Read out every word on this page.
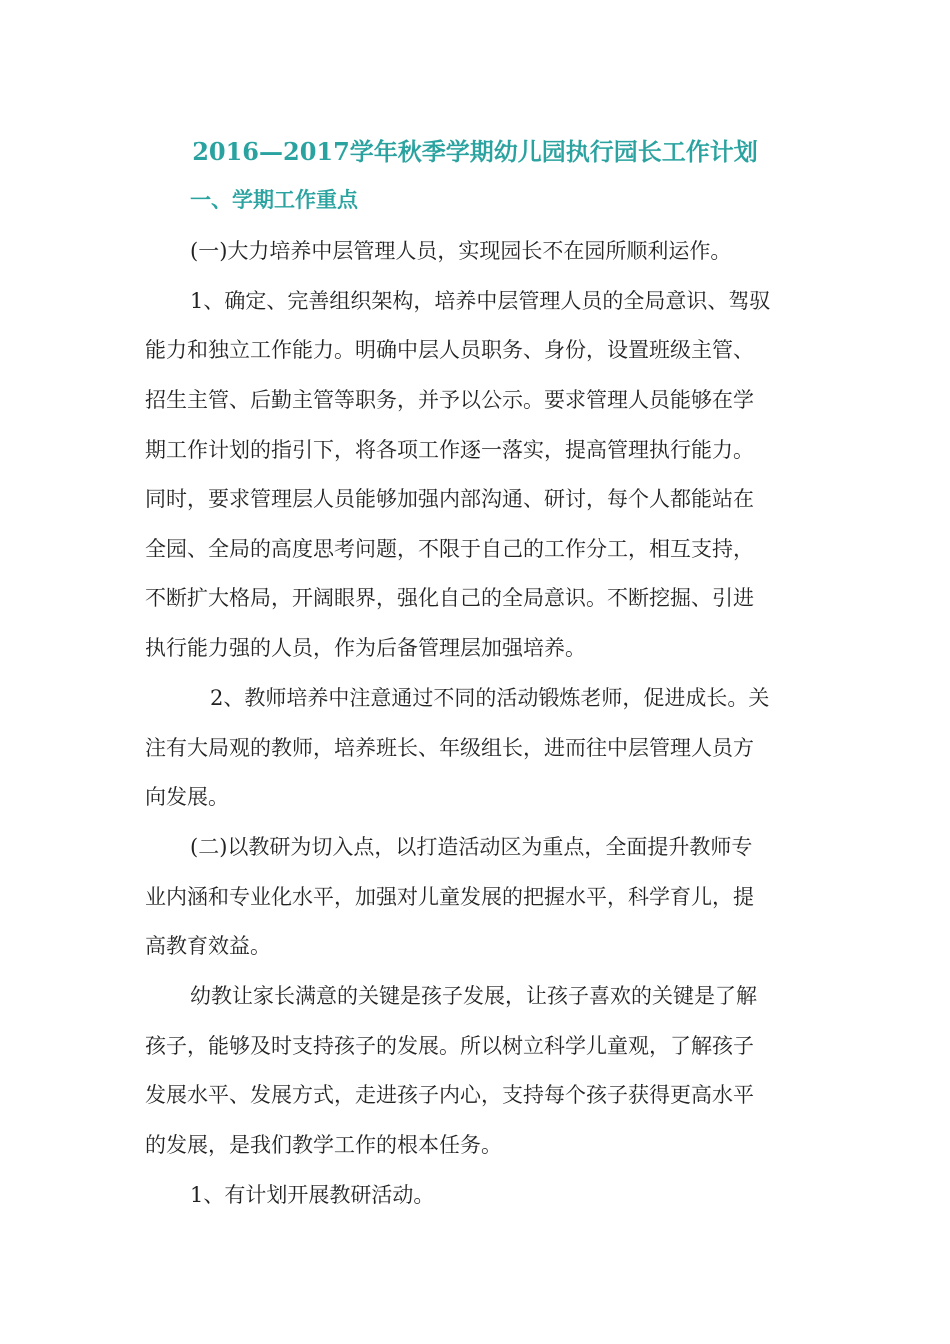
2016—2017学年秋季学期幼儿园执行园长工作计划
一、学期工作重点
(一)大力培养中层管理人员，实现园长不在园所顺利运作。
1、确定、完善组织架构，培养中层管理人员的全局意识、驾驭
能力和独立工作能力。明确中层人员职务、身份，设置班级主管、
招生主管、后勤主管等职务，并予以公示。要求管理人员能够在学
期工作计划的指引下，将各项工作逐一落实，提高管理执行能力。
同时，要求管理层人员能够加强内部沟通、研讨，每个人都能站在
全园、全局的高度思考问题，不限于自己的工作分工，相互支持，
不断扩大格局，开阔眼界，强化自己的全局意识。不断挖掘、引进
执行能力强的人员，作为后备管理层加强培养。
2、教师培养中注意通过不同的活动锻炼老师，促进成长。关
注有大局观的教师，培养班长、年级组长，进而往中层管理人员方
向发展。
(二)以教研为切入点，以打造活动区为重点，全面提升教师专
业内涵和专业化水平，加强对儿童发展的把握水平，科学育儿，提
高教育效益。
幼教让家长满意的关键是孩子发展，让孩子喜欢的关键是了解
孩子，能够及时支持孩子的发展。所以树立科学儿童观，了解孩子
发展水平、发展方式，走进孩子内心，支持每个孩子获得更高水平
的发展，是我们教学工作的根本任务。
1、有计划开展教研活动。
